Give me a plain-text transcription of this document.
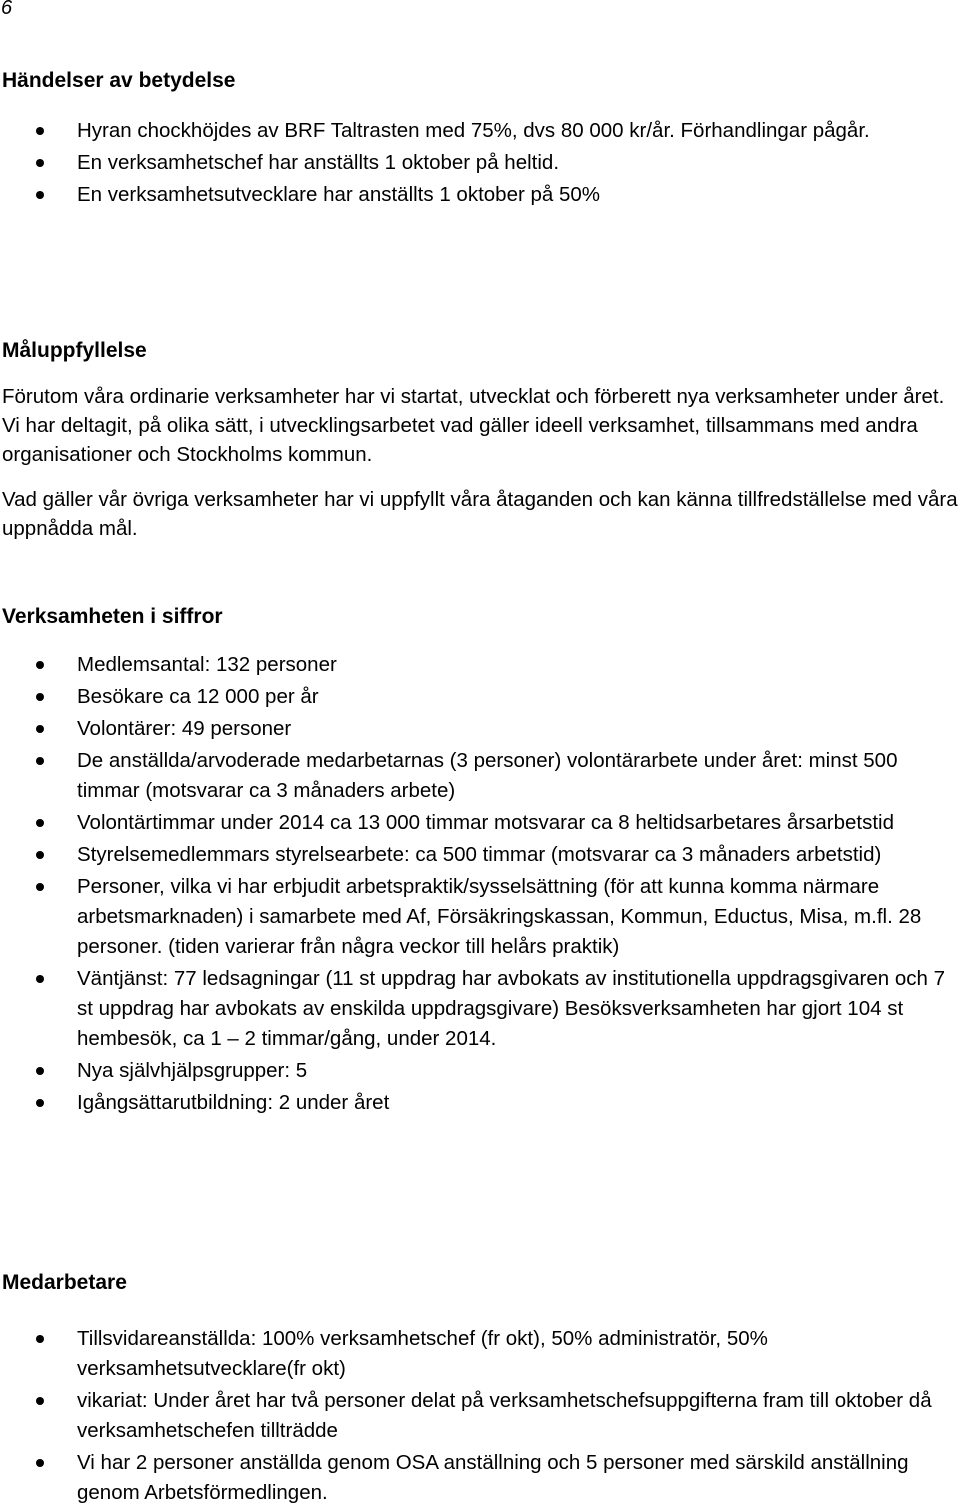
6
Händelser av betydelse
Hyran chockhöjdes av BRF Taltrasten med 75%, dvs 80 000 kr/år. Förhandlingar pågår.
En verksamhetschef har anställts 1 oktober på heltid.
En verksamhetsutvecklare har anställts 1 oktober på 50%
Måluppfyllelse

Förutom våra ordinarie verksamheter har vi startat, utvecklat och förberett nya verksamheter under året. Vi har deltagit, på olika sätt, i utvecklingsarbetet vad gäller ideell verksamhet, tillsammans med andra organisationer och Stockholms kommun.

Vad gäller vår övriga verksamheter har vi uppfyllt våra åtaganden och kan känna tillfredställelse med våra uppnådda mål.

Verksamheten i siffror
Medlemsantal: 132 personer
Besökare ca 12 000 per år
Volontärer: 49 personer
De anställda/arvoderade medarbetarnas (3 personer) volontärarbete under året: minst 500 timmar (motsvarar ca 3 månaders arbete)
Volontärtimmar under 2014 ca 13 000 timmar motsvarar ca 8 heltidsarbetares årsarbetstid
Styrelsemedlemmars styrelsearbete: ca 500 timmar (motsvarar ca 3 månaders arbetstid)
Personer, vilka vi har erbjudit arbetspraktik/sysselsättning (för att kunna komma närmare arbetsmarknaden) i samarbete med Af, Försäkringskassan, Kommun, Eductus, Misa, m.fl. 28 personer. (tiden varierar från några veckor till helårs praktik)
Väntjänst: 77 ledsagningar (11 st uppdrag har avbokats av institutionella uppdragsgivaren och 7 st uppdrag har avbokats av enskilda uppdragsgivare) Besöksverksamheten har gjort 104 st hembesök, ca 1 – 2 timmar/gång, under 2014.
Nya självhjälpsgrupper: 5
Igångsättarutbildning: 2 under året
Medarbetare
Tillsvidareanställda: 100% verksamhetschef (fr okt), 50% administratör, 50% verksamhetsutvecklare(fr okt)
vikariat: Under året har två personer delat på verksamhetschefsuppgifterna fram till oktober då verksamhetschefen tillträdde
Vi har 2 personer anställda genom OSA anställning och 5 personer med särskild anställning genom Arbetsförmedlingen.
